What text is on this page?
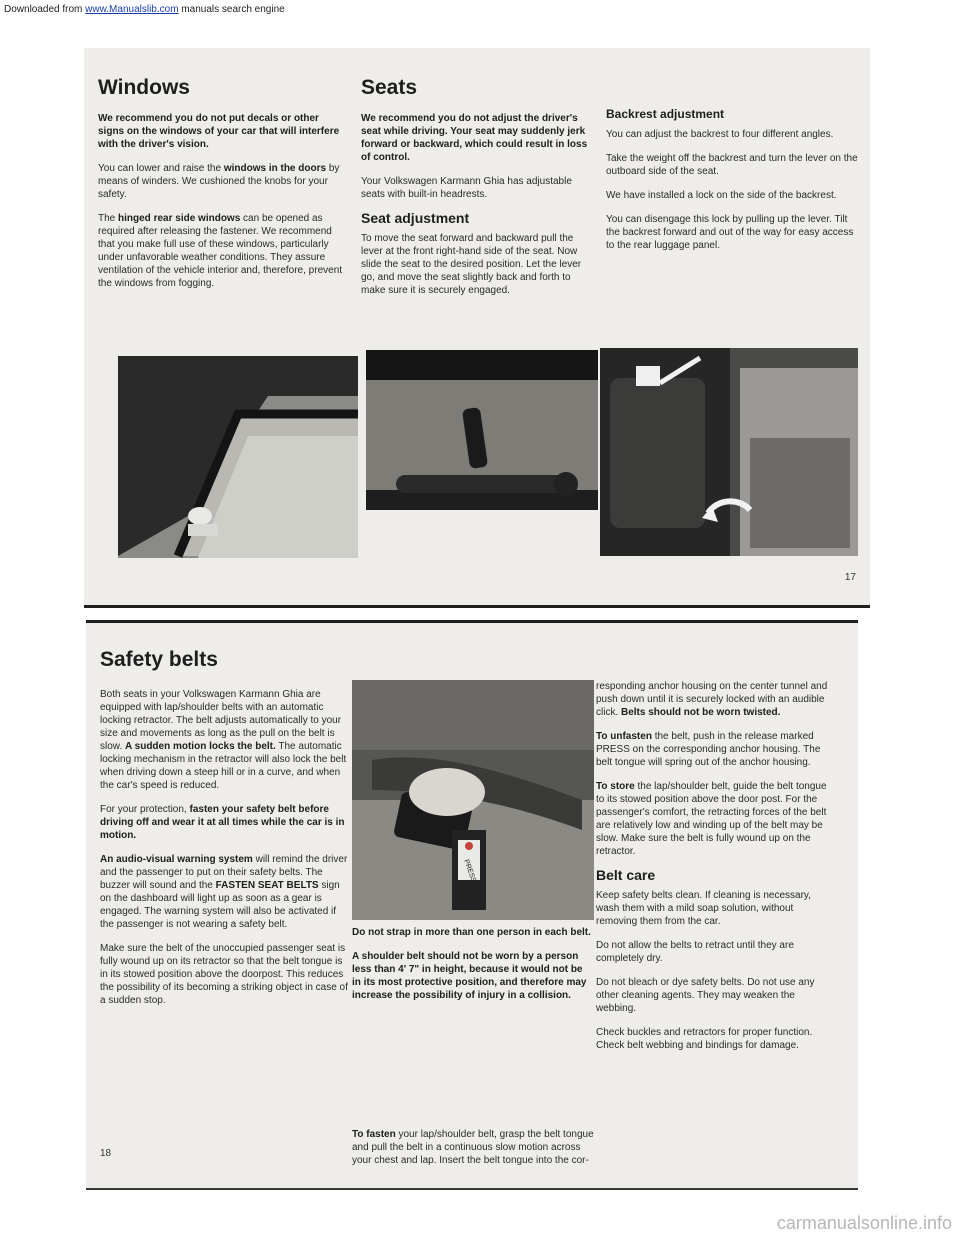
Downloaded from www.Manualslib.com manuals search engine
Windows

We recommend you do not put decals or other signs on the windows of your car that will interfere with the driver's vision.

You can lower and raise the windows in the doors by means of winders. We cushioned the knobs for your safety.

The hinged rear side windows can be opened as required after releasing the fastener. We recommend that you make full use of these windows, particularly under unfavorable weather conditions. They assure ventilation of the vehicle interior and, therefore, prevent the windows from fogging.

Seats

We recommend you do not adjust the driver's seat while driving. Your seat may suddenly jerk forward or backward, which could result in loss of control.

Your Volkswagen Karmann Ghia has adjustable seats with built-in headrests.

Seat adjustment

To move the seat forward and backward pull the lever at the front right-hand side of the seat. Now slide the seat to the desired position. Let the lever go, and move the seat slightly back and forth to make sure it is securely engaged.

Backrest adjustment

You can adjust the backrest to four different angles.

Take the weight off the backrest and turn the lever on the outboard side of the seat.

We have installed a lock on the side of the backrest.

You can disengage this lock by pulling up the lever. Tilt the backrest forward and out of the way for easy access to the rear luggage panel.

17
Safety belts

Both seats in your Volkswagen Karmann Ghia are equipped with lap/shoulder belts with an automatic locking retractor. The belt adjusts automatically to your size and movements as long as the pull on the belt is slow. A sudden motion locks the belt. The automatic locking mechanism in the retractor will also lock the belt when driving down a steep hill or in a curve, and when the car's speed is reduced.

For your protection, fasten your safety belt before driving off and wear it at all times while the car is in motion.

An audio-visual warning system will remind the driver and the passenger to put on their safety belts. The buzzer will sound and the FASTEN SEAT BELTS sign on the dashboard will light up as soon as a gear is engaged. The warning system will also be activated if the passenger is not wearing a safety belt.

Make sure the belt of the unoccupied passenger seat is fully wound up on its retractor so that the belt tongue is in its stowed position above the doorpost. This reduces the possibility of its becoming a striking object in case of a sudden stop.

PRESS

Do not strap in more than one person in each belt.

A shoulder belt should not be worn by a person less than 4' 7" in height, because it would not be in its most protective position, and therefore may increase the possibility of injury in a collision.

To fasten your lap/shoulder belt, grasp the belt tongue and pull the belt in a continuous slow motion across your chest and lap. Insert the belt tongue into the cor-

responding anchor housing on the center tunnel and push down until it is securely locked with an audible click. Belts should not be worn twisted.

To unfasten the belt, push in the release marked PRESS on the corresponding anchor housing. The belt tongue will spring out of the anchor housing.

To store the lap/shoulder belt, guide the belt tongue to its stowed position above the door post. For the passenger's comfort, the retracting forces of the belt are relatively low and winding up of the belt may be slow. Make sure the belt is fully wound up on the retractor.

Belt care

Keep safety belts clean. If cleaning is necessary, wash them with a mild soap solution, without removing them from the car.

Do not allow the belts to retract until they are completely dry.

Do not bleach or dye safety belts. Do not use any other cleaning agents. They may weaken the webbing.

Check buckles and retractors for proper function. Check belt webbing and bindings for damage.

18
carmanualsonline.info
